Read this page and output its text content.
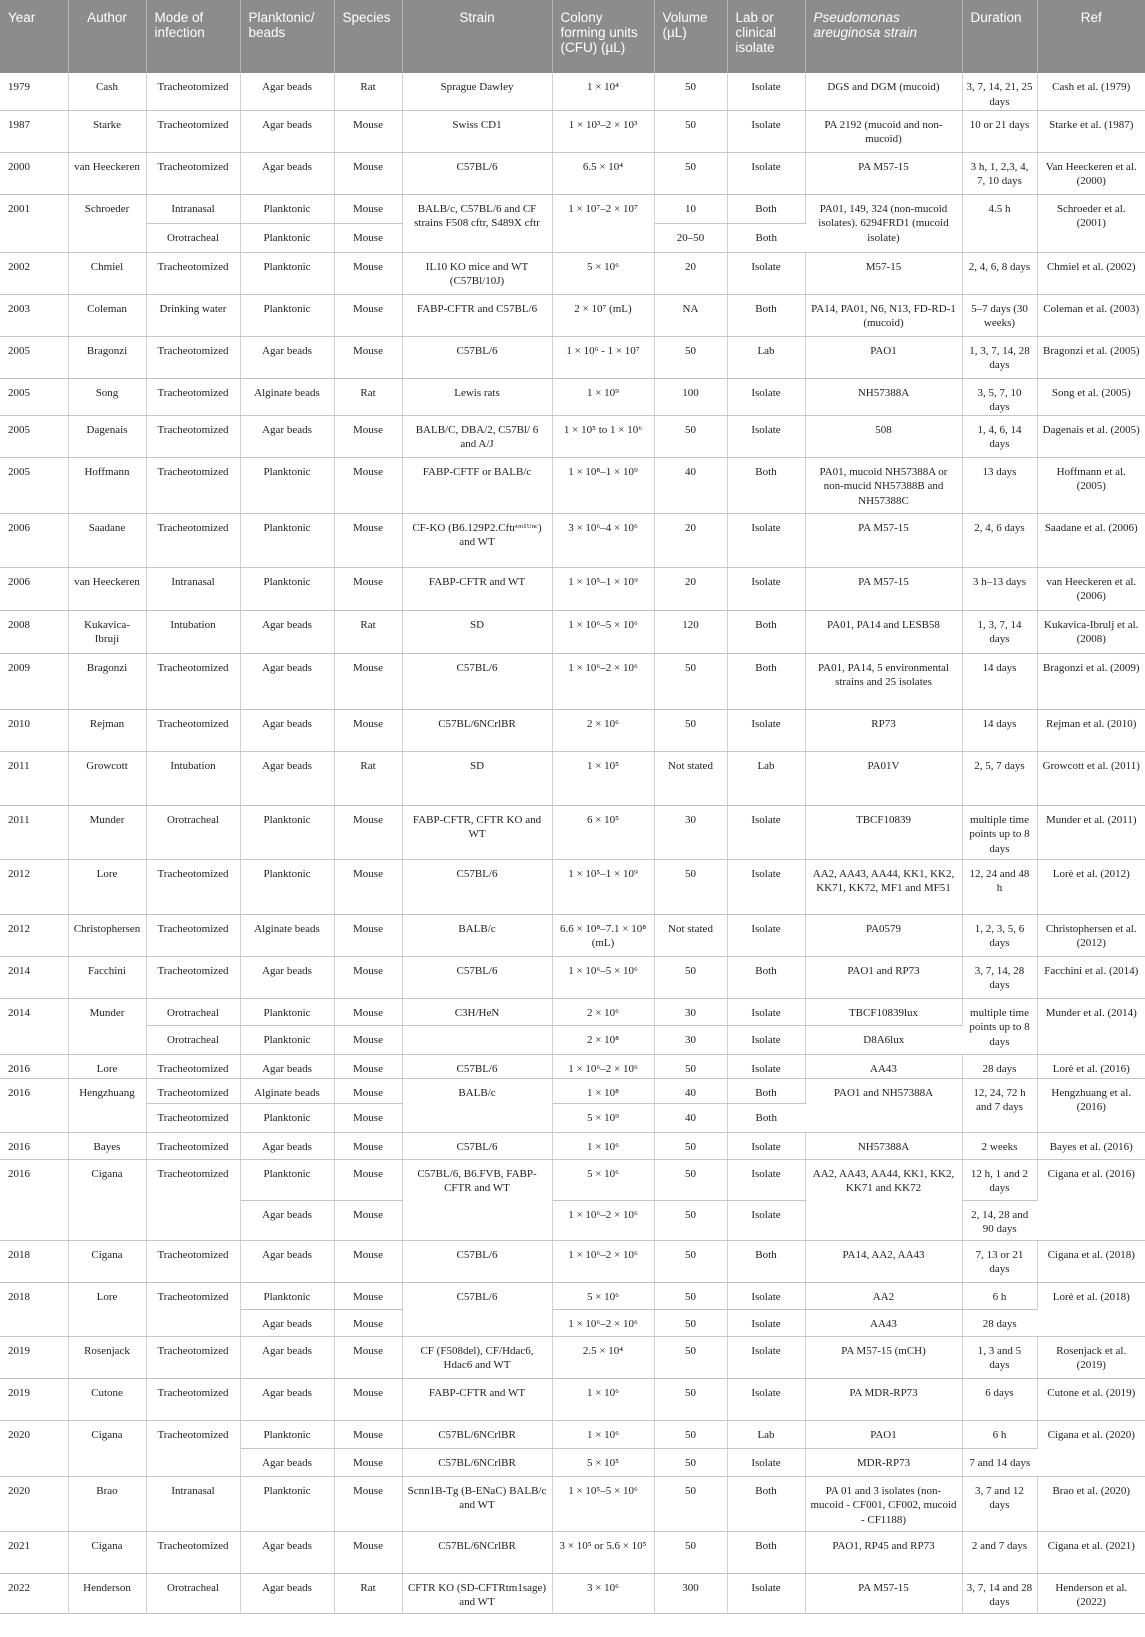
Year	Author	Mode of infection	Planktonic/ beads	Species	Strain	Colony forming units (CFU) (µL)	Volume (µL)	Lab or clinical isolate	Pseudomonas areuginosa strain	Duration	Ref
1979	Cash	Tracheotomized	Agar beads	Rat	Sprague Dawley	1 × 10⁴	50	Isolate	DGS and DGM (mucoid)	3, 7, 14, 21, 25 days	Cash et al. (1979)
1987	Starke	Tracheotomized	Agar beads	Mouse	Swiss CD1	1 × 10³–2 × 10³	50	Isolate	PA 2192 (mucoid and non-mucoid)	10 or 21 days	Starke et al. (1987)
2000	van Heeckeren	Tracheotomized	Agar beads	Mouse	C57BL/6	6.5 × 10⁴	50	Isolate	PA M57-15	3 h, 1, 2,3, 4, 7, 10 days	Van Heeckeren et al. (2000)
2001	Schroeder	Intranasal	Planktonic	Mouse	BALB/c, C57BL/6 and CF strains F508 cftr, S489X cftr	1 × 10⁷–2 × 10⁷	10	Both	PA01, 149, 324 (non-mucoid isolates). 6294FRD1 (mucoid isolate)	4.5 h	Schroeder et al. (2001)
		Orotracheal	Planktonic	Mouse			20–50	Both			
2002	Chmiel	Tracheotomized	Planktonic	Mouse	IL10 KO mice and WT (C57Bl/10J)	5 × 10⁶	20	Isolate	M57-15	2, 4, 6, 8 days	Chmiel et al. (2002)
2003	Coleman	Drinking water	Planktonic	Mouse	FABP-CFTR and C57BL/6	2 × 10⁷ (mL)	NA	Both	PA14, PA01, N6, N13, FD-RD-1 (mucoid)	5–7 days (30 weeks)	Coleman et al. (2003)
2005	Bragonzi	Tracheotomized	Agar beads	Mouse	C57BL/6	1 × 10⁶ - 1 × 10⁷	50	Lab	PAO1	1, 3, 7, 14, 28 days	Bragonzi et al. (2005)
2005	Song	Tracheotomized	Alginate beads	Rat	Lewis rats	1 × 10⁹	100	Isolate	NH57388A	3, 5, 7, 10 days	Song et al. (2005)
2005	Dagenais	Tracheotomized	Agar beads	Mouse	BALB/C, DBA/2, C57Bl/ 6 and A/J	1 × 10⁵ to 1 × 10⁶	50	Isolate	508	1, 4, 6, 14 days	Dagenais et al. (2005)
2005	Hoffmann	Tracheotomized	Planktonic	Mouse	FABP-CFTF or BALB/c	1 × 10⁸–1 × 10⁹	40	Both	PA01, mucoid NH57388A or non-mucid NH57388B and NH57388C	13 days	Hoffmann et al. (2005)
2006	Saadane	Tracheotomized	Planktonic	Mouse	CF-KO (B6.129P2.Cftrᵗᵐ¹ᵁⁿᶜ) and WT	3 × 10⁶–4 × 10⁶	20	Isolate	PA M57-15	2, 4, 6 days	Saadane et al. (2006)
2006	van Heeckeren	Intranasal	Planktonic	Mouse	FABP-CFTR and WT	1 × 10⁵–1 × 10⁹	20	Isolate	PA M57-15	3 h–13 days	van Heeckeren et al. (2006)
2008	Kukavica-Ibruji	Intubation	Agar beads	Rat	SD	1 × 10⁶–5 × 10⁶	120	Both	PA01, PA14 and LESB58	1, 3, 7, 14 days	Kukavica-Ibrulj et al. (2008)
2009	Bragonzi	Tracheotomized	Agar beads	Mouse	C57BL/6	1 × 10⁶–2 × 10⁶	50	Both	PA01, PA14, 5 environmental strains and 25 isolates	14 days	Bragonzi et al. (2009)
2010	Rejman	Tracheotomized	Agar beads	Mouse	C57BL/6NCrlBR	2 × 10⁶	50	Isolate	RP73	14 days	Rejman et al. (2010)
2011	Growcott	Intubation	Agar beads	Rat	SD	1 × 10⁵	Not stated	Lab	PA01V	2, 5, 7 days	Growcott et al. (2011)
2011	Munder	Orotracheal	Planktonic	Mouse	FABP-CFTR, CFTR KO and WT	6 × 10⁵	30	Isolate	TBCF10839	multiple time points up to 8 days	Munder et al. (2011)
2012	Lore	Tracheotomized	Planktonic	Mouse	C57BL/6	1 × 10⁵–1 × 10⁹	50	Isolate	AA2, AA43, AA44, KK1, KK2, KK71, KK72, MF1 and MF51	12, 24 and 48 h	Lorè et al. (2012)
2012	Christophersen	Tracheotomized	Alginate beads	Mouse	BALB/c	6.6 × 10⁸–7.1 × 10⁸ (mL)	Not stated	Isolate	PA0579	1, 2, 3, 5, 6 days	Christophersen et al. (2012)
2014	Facchini	Tracheotomized	Agar beads	Mouse	C57BL/6	1 × 10⁶–5 × 10⁶	50	Both	PAO1 and RP73	3, 7, 14, 28 days	Facchini et al. (2014)
2014	Munder	Orotracheal	Planktonic	Mouse	C3H/HeN	2 × 10⁶	30	Isolate	TBCF10839lux	multiple time points up to 8 days	Munder et al. (2014)
		Orotracheal	Planktonic	Mouse		2 × 10⁸	30	Isolate	D8A6lux		
2016	Lore	Tracheotomized	Agar beads	Mouse	C57BL/6	1 × 10⁶–2 × 10⁶	50	Isolate	AA43	28 days	Lorè et al. (2016)
2016	Hengzhuang	Tracheotomized	Alginate beads	Mouse	BALB/c	1 × 10⁸	40	Both	PAO1 and NH57388A	12, 24, 72 h and 7 days	Hengzhuang et al. (2016)
		Tracheotomized	Planktonic	Mouse		5 × 10⁹	40	Both			
2016	Bayes	Tracheotomized	Agar beads	Mouse	C57BL/6	1 × 10⁶	50	Isolate	NH57388A	2 weeks	Bayes et al. (2016)
2016	Cigana	Tracheotomized	Planktonic	Mouse	C57BL/6, B6.FVB, FABP-CFTR and WT	5 × 10⁶	50	Isolate	AA2, AA43, AA44, KK1, KK2, KK71 and KK72	12 h, 1 and 2 days	Cigana et al. (2016)
			Agar beads	Mouse		1 × 10⁶–2 × 10⁶	50	Isolate		2, 14, 28 and 90 days	
2018	Cigana	Tracheotomized	Agar beads	Mouse	C57BL/6	1 × 10⁶–2 × 10⁶	50	Both	PA14, AA2, AA43	7, 13 or 21 days	Cigana et al. (2018)
2018	Lore	Tracheotomized	Planktonic	Mouse	C57BL/6	5 × 10⁶	50	Isolate	AA2	6 h	Lorè et al. (2018)
			Agar beads	Mouse		1 × 10⁶–2 × 10⁶	50	Isolate	AA43	28 days	
2019	Rosenjack	Tracheotomized	Agar beads	Mouse	CF (F508del), CF/Hdac6, Hdac6 and WT	2.5 × 10⁴	50	Isolate	PA M57-15 (mCH)	1, 3 and 5 days	Rosenjack et al. (2019)
2019	Cutone	Tracheotomized	Agar beads	Mouse	FABP-CFTR and WT	1 × 10⁶	50	Isolate	PA MDR-RP73	6 days	Cutone et al. (2019)
2020	Cigana	Tracheotomized	Planktonic	Mouse	C57BL/6NCrlBR	1 × 10⁶	50	Lab	PAO1	6 h	Cigana et al. (2020)
			Agar beads	Mouse	C57BL/6NCrlBR	5 × 10⁵	50	Isolate	MDR-RP73	7 and 14 days	
2020	Brao	Intranasal	Planktonic	Mouse	Scnn1B-Tg (B-ENaC) BALB/c and WT	1 × 10⁵–5 × 10⁶	50	Both	PA 01 and 3 isolates (non-mucoid - CF001, CF002, mucoid - CF1188)	3, 7 and 12 days	Brao et al. (2020)
2021	Cigana	Tracheotomized	Agar beads	Mouse	C57BL/6NCrlBR	3 × 10⁵ or 5.6 × 10⁵	50	Both	PAO1, RP45 and RP73	2 and 7 days	Cigana et al. (2021)
2022	Henderson	Orotracheal	Agar beads	Rat	CFTR KO (SD-CFTRtm1sage) and WT	3 × 10⁶	300	Isolate	PA M57-15	3, 7, 14 and 28 days	Henderson et al. (2022)
